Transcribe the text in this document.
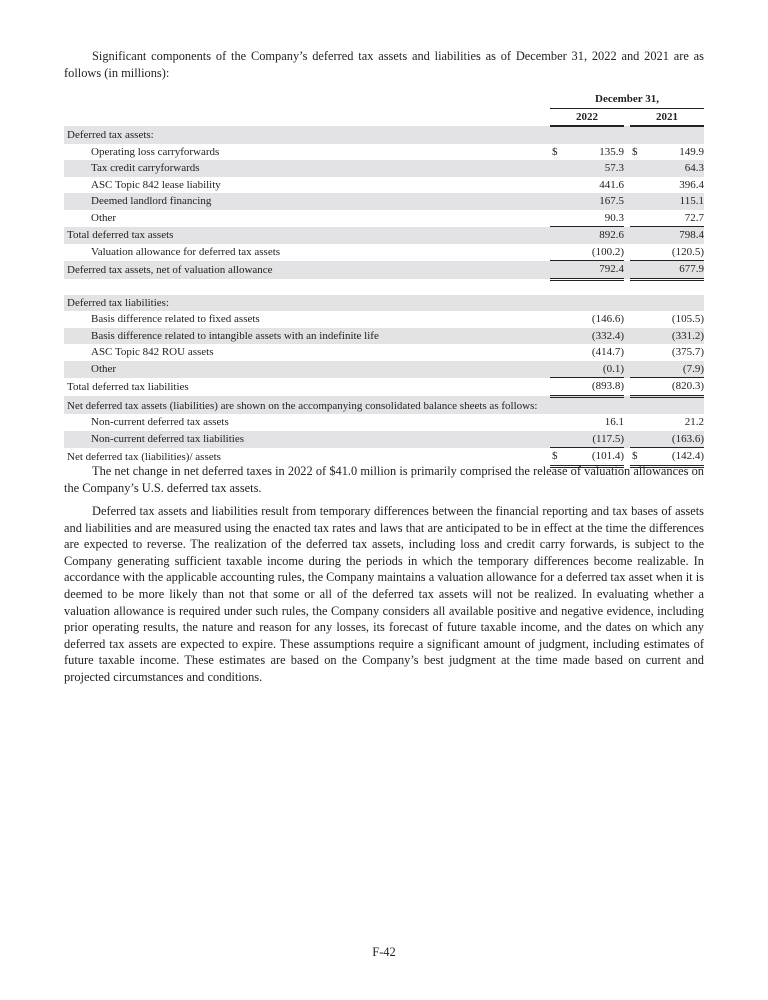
Significant components of the Company’s deferred tax assets and liabilities as of December 31, 2022 and 2021 are as follows (in millions):
	December 31,				
	2022			2021	
Deferred tax assets:					
Operating loss carryforwards	$	135.9		$	149.9
Tax credit carryforwards		57.3			64.3
ASC Topic 842 lease liability		441.6			396.4
Deemed landlord financing		167.5			115.1
Other		90.3			72.7
Total deferred tax assets		892.6			798.4
Valuation allowance for deferred tax assets		(100.2)			(120.5)
Deferred tax assets, net of valuation allowance		792.4			677.9

Deferred tax liabilities:					
Basis difference related to fixed assets		(146.6)			(105.5)
Basis difference related to intangible assets with an indefinite life		(332.4)			(331.2)
ASC Topic 842 ROU assets		(414.7)			(375.7)
Other		(0.1)			(7.9)
Total deferred tax liabilities		(893.8)			(820.3)
Net deferred tax assets (liabilities) are shown on the accompanying consolidated balance sheets as follows:					
Non-current deferred tax assets		16.1			21.2
Non-current deferred tax liabilities		(117.5)			(163.6)
Net deferred tax (liabilities)/ assets	$	(101.4)		$	(142.4)
The net change in net deferred taxes in 2022 of $41.0 million is primarily comprised the release of valuation allowances on the Company’s U.S. deferred tax assets.
Deferred tax assets and liabilities result from temporary differences between the financial reporting and tax bases of assets and liabilities and are measured using the enacted tax rates and laws that are anticipated to be in effect at the time the differences are expected to reverse. The realization of the deferred tax assets, including loss and credit carry forwards, is subject to the Company generating sufficient taxable income during the periods in which the temporary differences become realizable. In accordance with the applicable accounting rules, the Company maintains a valuation allowance for a deferred tax asset when it is deemed to be more likely than not that some or all of the deferred tax assets will not be realized. In evaluating whether a valuation allowance is required under such rules, the Company considers all available positive and negative evidence, including prior operating results, the nature and reason for any losses, its forecast of future taxable income, and the dates on which any deferred tax assets are expected to expire. These assumptions require a significant amount of judgment, including estimates of future taxable income. These estimates are based on the Company’s best judgment at the time made based on current and projected circumstances and conditions.
F-42
